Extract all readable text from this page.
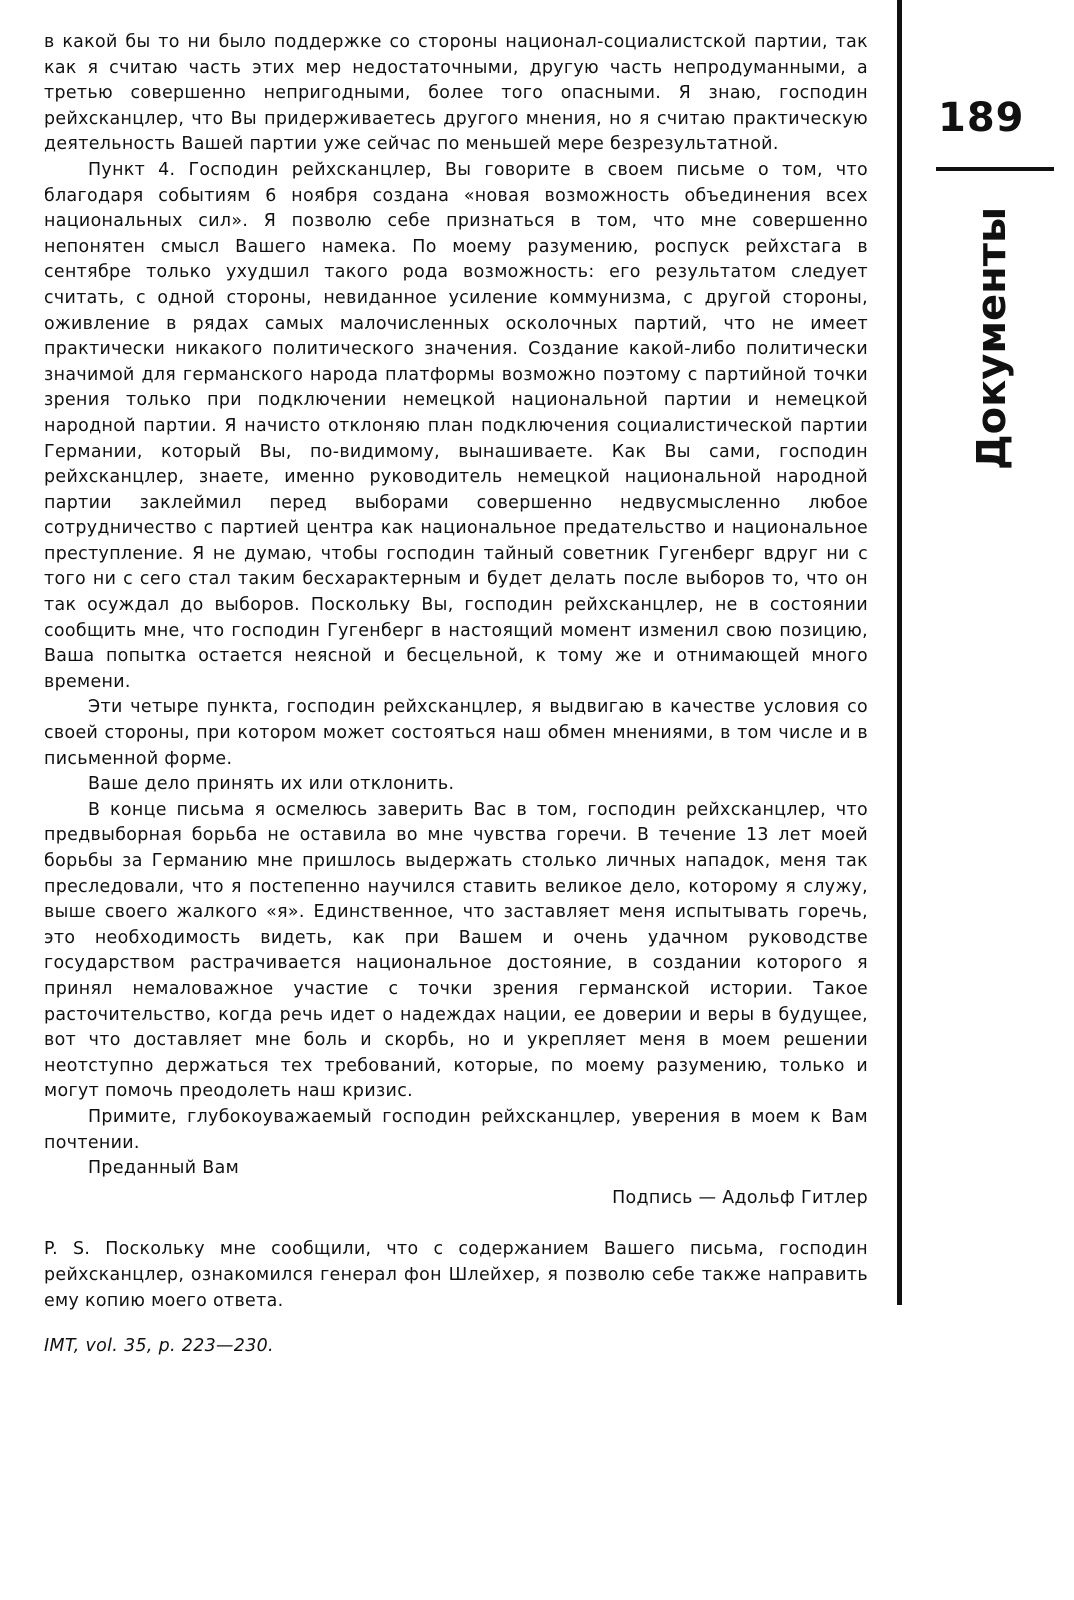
189
Документы

в какой бы то ни было поддержке со стороны национал-социалистской партии, так как я считаю часть этих мер недостаточными, другую часть непродуманными, а третью совершенно непригодными, более того опасными. Я знаю, господин рейхсканцлер, что Вы придерживаетесь другого мнения, но я считаю практическую деятельность Вашей партии уже сейчас по меньшей мере безрезультатной.

Пункт 4. Господин рейхсканцлер, Вы говорите в своем письме о том, что благодаря событиям 6 ноября создана «новая возможность объединения всех национальных сил». Я позволю себе признаться в том, что мне совершенно непонятен смысл Вашего намека. По моему разумению, роспуск рейхстага в сентябре только ухудшил такого рода возможность: его результатом следует считать, с одной стороны, невиданное усиление коммунизма, с другой стороны, оживление в рядах самых малочисленных осколочных партий, что не имеет практически никакого политического значения. Создание какой-либо политически значимой для германского народа платформы возможно поэтому с партийной точки зрения только при подключении немецкой национальной партии и немецкой народной партии. Я начисто отклоняю план подключения социалистической партии Германии, который Вы, по-видимому, вынашиваете. Как Вы сами, господин рейхсканцлер, знаете, именно руководитель немецкой национальной народной партии заклеймил перед выборами совершенно недвусмысленно любое сотрудничество с партией центра как национальное предательство и национальное преступление. Я не думаю, чтобы господин тайный советник Гугенберг вдруг ни с того ни с сего стал таким бесхарактерным и будет делать после выборов то, что он так осуждал до выборов. Поскольку Вы, господин рейхсканцлер, не в состоянии сообщить мне, что господин Гугенберг в настоящий момент изменил свою позицию, Ваша попытка остается неясной и бесцельной, к тому же и отнимающей много времени.

Эти четыре пункта, господин рейхсканцлер, я выдвигаю в качестве условия со своей стороны, при котором может состояться наш обмен мнениями, в том числе и в письменной форме.

Ваше дело принять их или отклонить.

В конце письма я осмелюсь заверить Вас в том, господин рейхсканцлер, что предвыборная борьба не оставила во мне чувства горечи. В течение 13 лет моей борьбы за Германию мне пришлось выдержать столько личных нападок, меня так преследовали, что я постепенно научился ставить великое дело, которому я служу, выше своего жалкого «я». Единственное, что заставляет меня испытывать горечь, это необходимость видеть, как при Вашем и очень удачном руководстве государством растрачивается национальное достояние, в создании которого я принял немаловажное участие с точки зрения германской истории. Такое расточительство, когда речь идет о надеждах нации, ее доверии и веры в будущее, вот что доставляет мне боль и скорбь, но и укрепляет меня в моем решении неотступно держаться тех требований, которые, по моему разумению, только и могут помочь преодолеть наш кризис.

Примите, глубокоуважаемый господин рейхсканцлер, уверения в моем к Вам почтении.

Преданный Вам

Подпись — Адольф Гитлер

P. S. Поскольку мне сообщили, что с содержанием Вашего письма, господин рейхсканцлер, ознакомился генерал фон Шлейхер, я позволю себе также направить ему копию моего ответа.

IMT, vol. 35, p. 223—230.
